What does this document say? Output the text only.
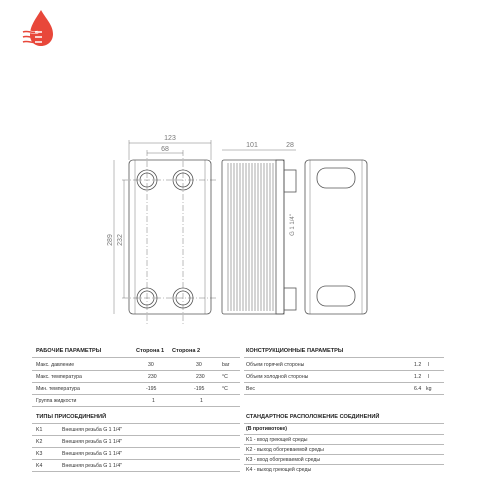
123
68
289 232
101	28
G 1 1/4"
РАБОЧИЕ ПАРАМЕТРЫ	Сторона 1 Сторона 2
Макс. давление	30	30	bar
Макс. температура	230	230	°C
Мин. температура	-195	-195	°C
Группа жидкости	1	1
КОНСТРУКЦИОННЫЕ ПАРАМЕТРЫ
Объем горячей стороны	1.2 l
Объем холодной стороны	1.2 l
Вес	6.4 kg
ТИПЫ ПРИСОЕДИНЕНИЙ
K1	Внешняя резьба G 1 1/4"
K2	Внешняя резьба G 1 1/4"
K3	Внешняя резьба G 1 1/4"
K4	Внешняя резьба G 1 1/4"
СТАНДАРТНОЕ РАСПОЛОЖЕНИЕ СОЕДИНЕНИЙ
(В противотоке)
K1 - вход греющей среды
K2 - выход обогреваемой среды
K3 - вход обогреваемой среды
K4 - выход греющей среды
